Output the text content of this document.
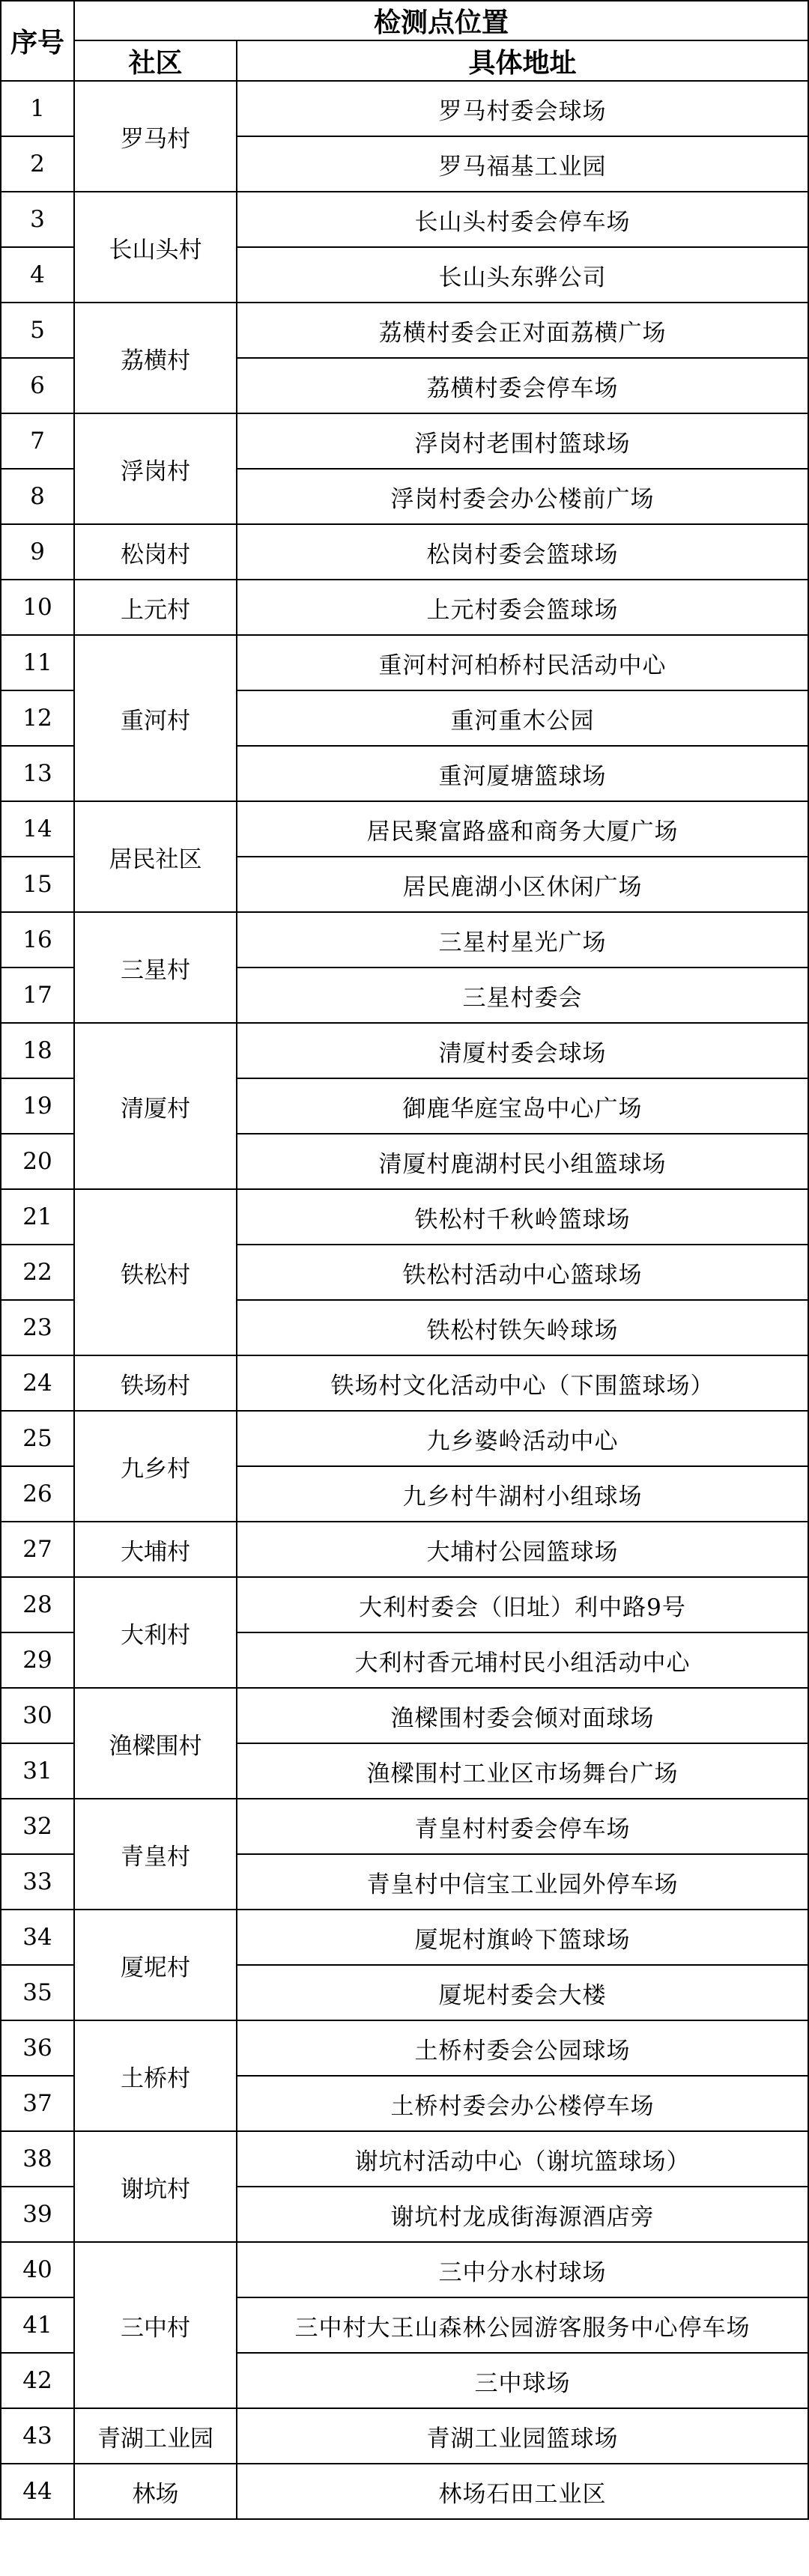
序号	检测点位置	
	社区	具体地址
1	罗马村	罗马村委会球场
2		罗马福基工业园
3	长山头村	长山头村委会停车场
4		长山头东骅公司
5	荔横村	荔横村委会正对面荔横广场
6		荔横村委会停车场
7	浮岗村	浮岗村老围村篮球场
8		浮岗村委会办公楼前广场
9	松岗村	松岗村委会篮球场
10	上元村	上元村委会篮球场
11	重河村	重河村河柏桥村民活动中心
12		重河重木公园
13		重河厦塘篮球场
14	居民社区	居民聚富路盛和商务大厦广场
15		居民鹿湖小区休闲广场
16	三星村	三星村星光广场
17		三星村委会
18	清厦村	清厦村委会球场
19		御鹿华庭宝岛中心广场
20		清厦村鹿湖村民小组篮球场
21	铁松村	铁松村千秋岭篮球场
22		铁松村活动中心篮球场
23		铁松村铁矢岭球场
24	铁场村	铁场村文化活动中心（下围篮球场）
25	九乡村	九乡婆岭活动中心
26		九乡村牛湖村小组球场
27	大埔村	大埔村公园篮球场
28	大利村	大利村委会（旧址）利中路9号
29		大利村香元埔村民小组活动中心
30	渔樑围村	渔樑围村委会倾对面球场
31		渔樑围村工业区市场舞台广场
32	青皇村	青皇村村委会停车场
33		青皇村中信宝工业园外停车场
34	厦坭村	厦坭村旗岭下篮球场
35		厦坭村委会大楼
36	土桥村	土桥村委会公园球场
37		土桥村委会办公楼停车场
38	谢坑村	谢坑村活动中心（谢坑篮球场）
39		谢坑村龙成街海源酒店旁
40	三中村	三中分水村球场
41		三中村大王山森林公园游客服务中心停车场
42		三中球场
43	青湖工业园	青湖工业园篮球场
44	林场	林场石田工业区
